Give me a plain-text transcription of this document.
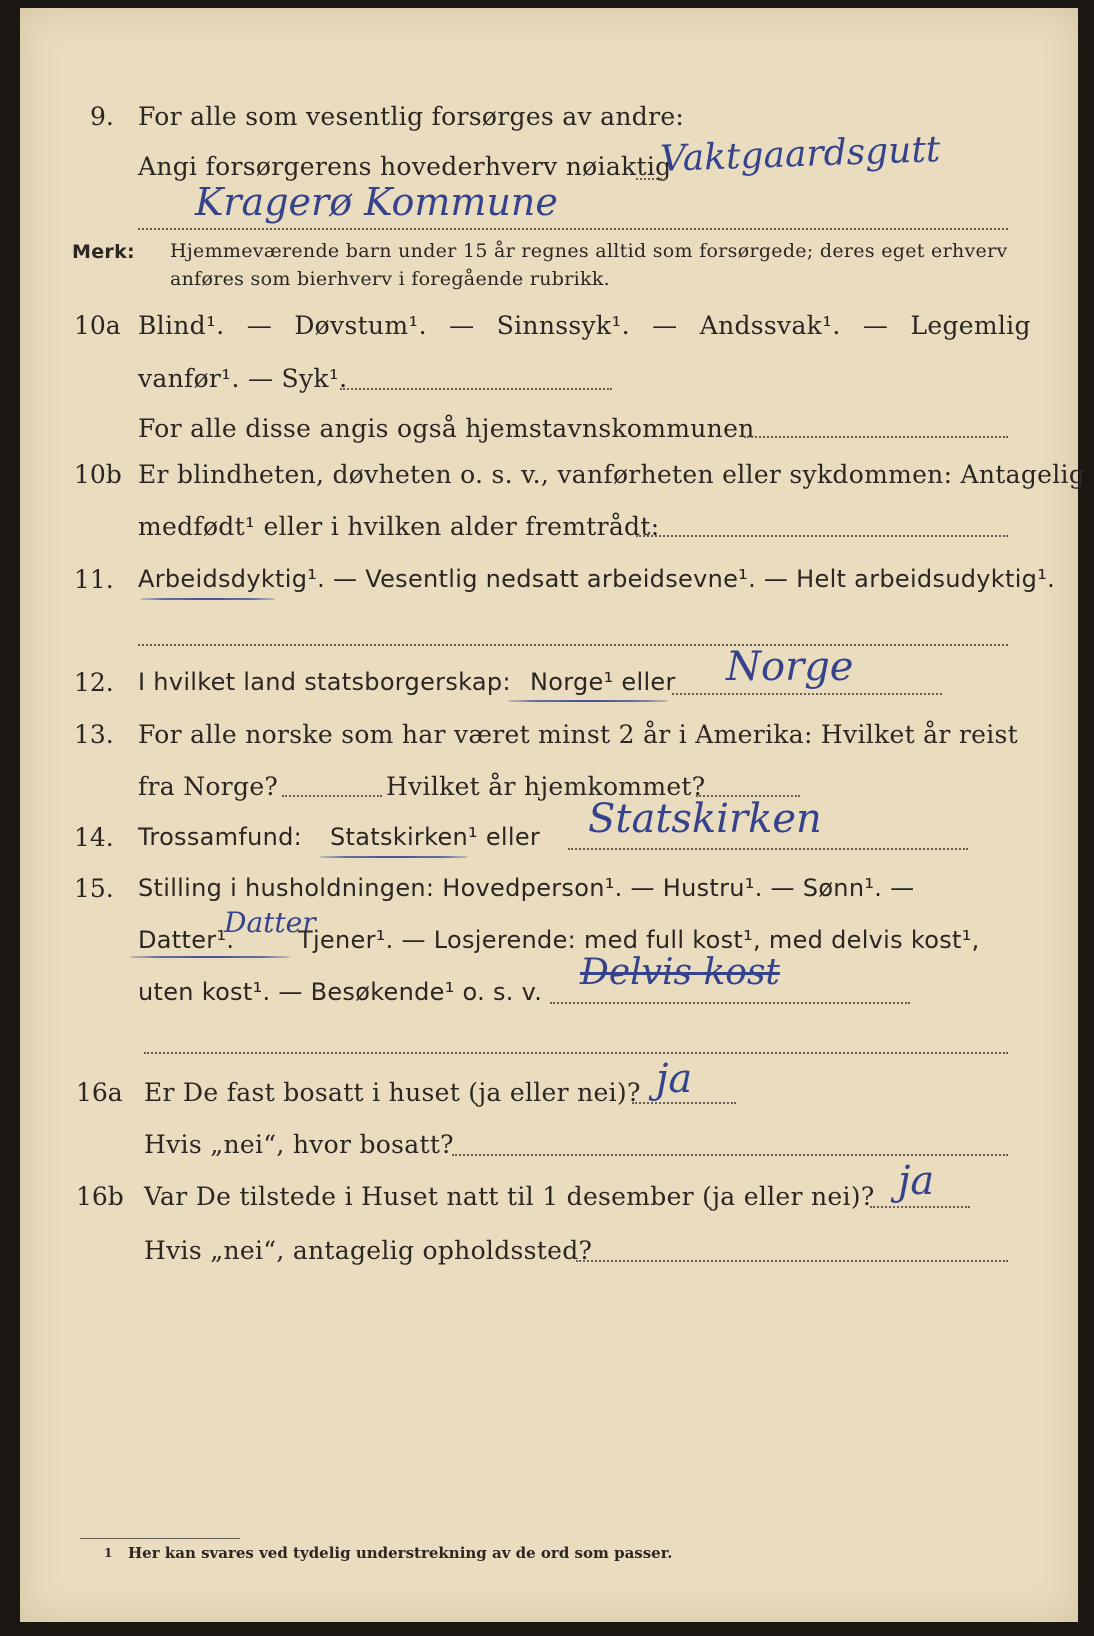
9. For alle som vesentlig forsørges av andre:
Angi forsørgerens hovederhverv nøiaktig
Vaktgaardsgutt
Kragerø Kommune
Merk: Hjemmeværende barn under 15 år regnes alltid som forsørgede; deres eget erhverv
anføres som bierhverv i foregående rubrikk.
10a Blind¹. — Døvstum¹. — Sinnssyk¹. — Andssvak¹. — Legemlig
vanfør¹. — Syk¹.
For alle disse angis også hjemstavnskommunen
10b Er blindheten, døvheten o. s. v., vanførheten eller sykdommen: Antagelig
medfødt¹ eller i hvilken alder fremtrådt:
11. Arbeidsdyktig¹. — Vesentlig nedsatt arbeidsevne¹. — Helt arbeidsudyktig¹.
12. I hvilket land statsborgerskap: Norge¹ eller Norge
13. For alle norske som har været minst 2 år i Amerika: Hvilket år reist
fra Norge?	Hvilket år hjemkommet?
14. Trossamfund: Statskirken¹ eller Statskirken
15. Stilling i husholdningen: Hovedperson¹. — Hustru¹. — Sønn¹. —
Datter¹.
Datter
Tjener¹. — Losjerende: med full kost¹, med delvis kost¹,
uten kost¹. — Besøkende¹ o. s. v. Delvis kost
16a Er De fast bosatt i huset (ja eller nei)? ja
Hvis „nei“, hvor bosatt?
16b Var De tilstede i Huset natt til 1 desember (ja eller nei)? ja
Hvis „nei“, antagelig opholdssted?
1 Her kan svares ved tydelig understrekning av de ord som passer.
